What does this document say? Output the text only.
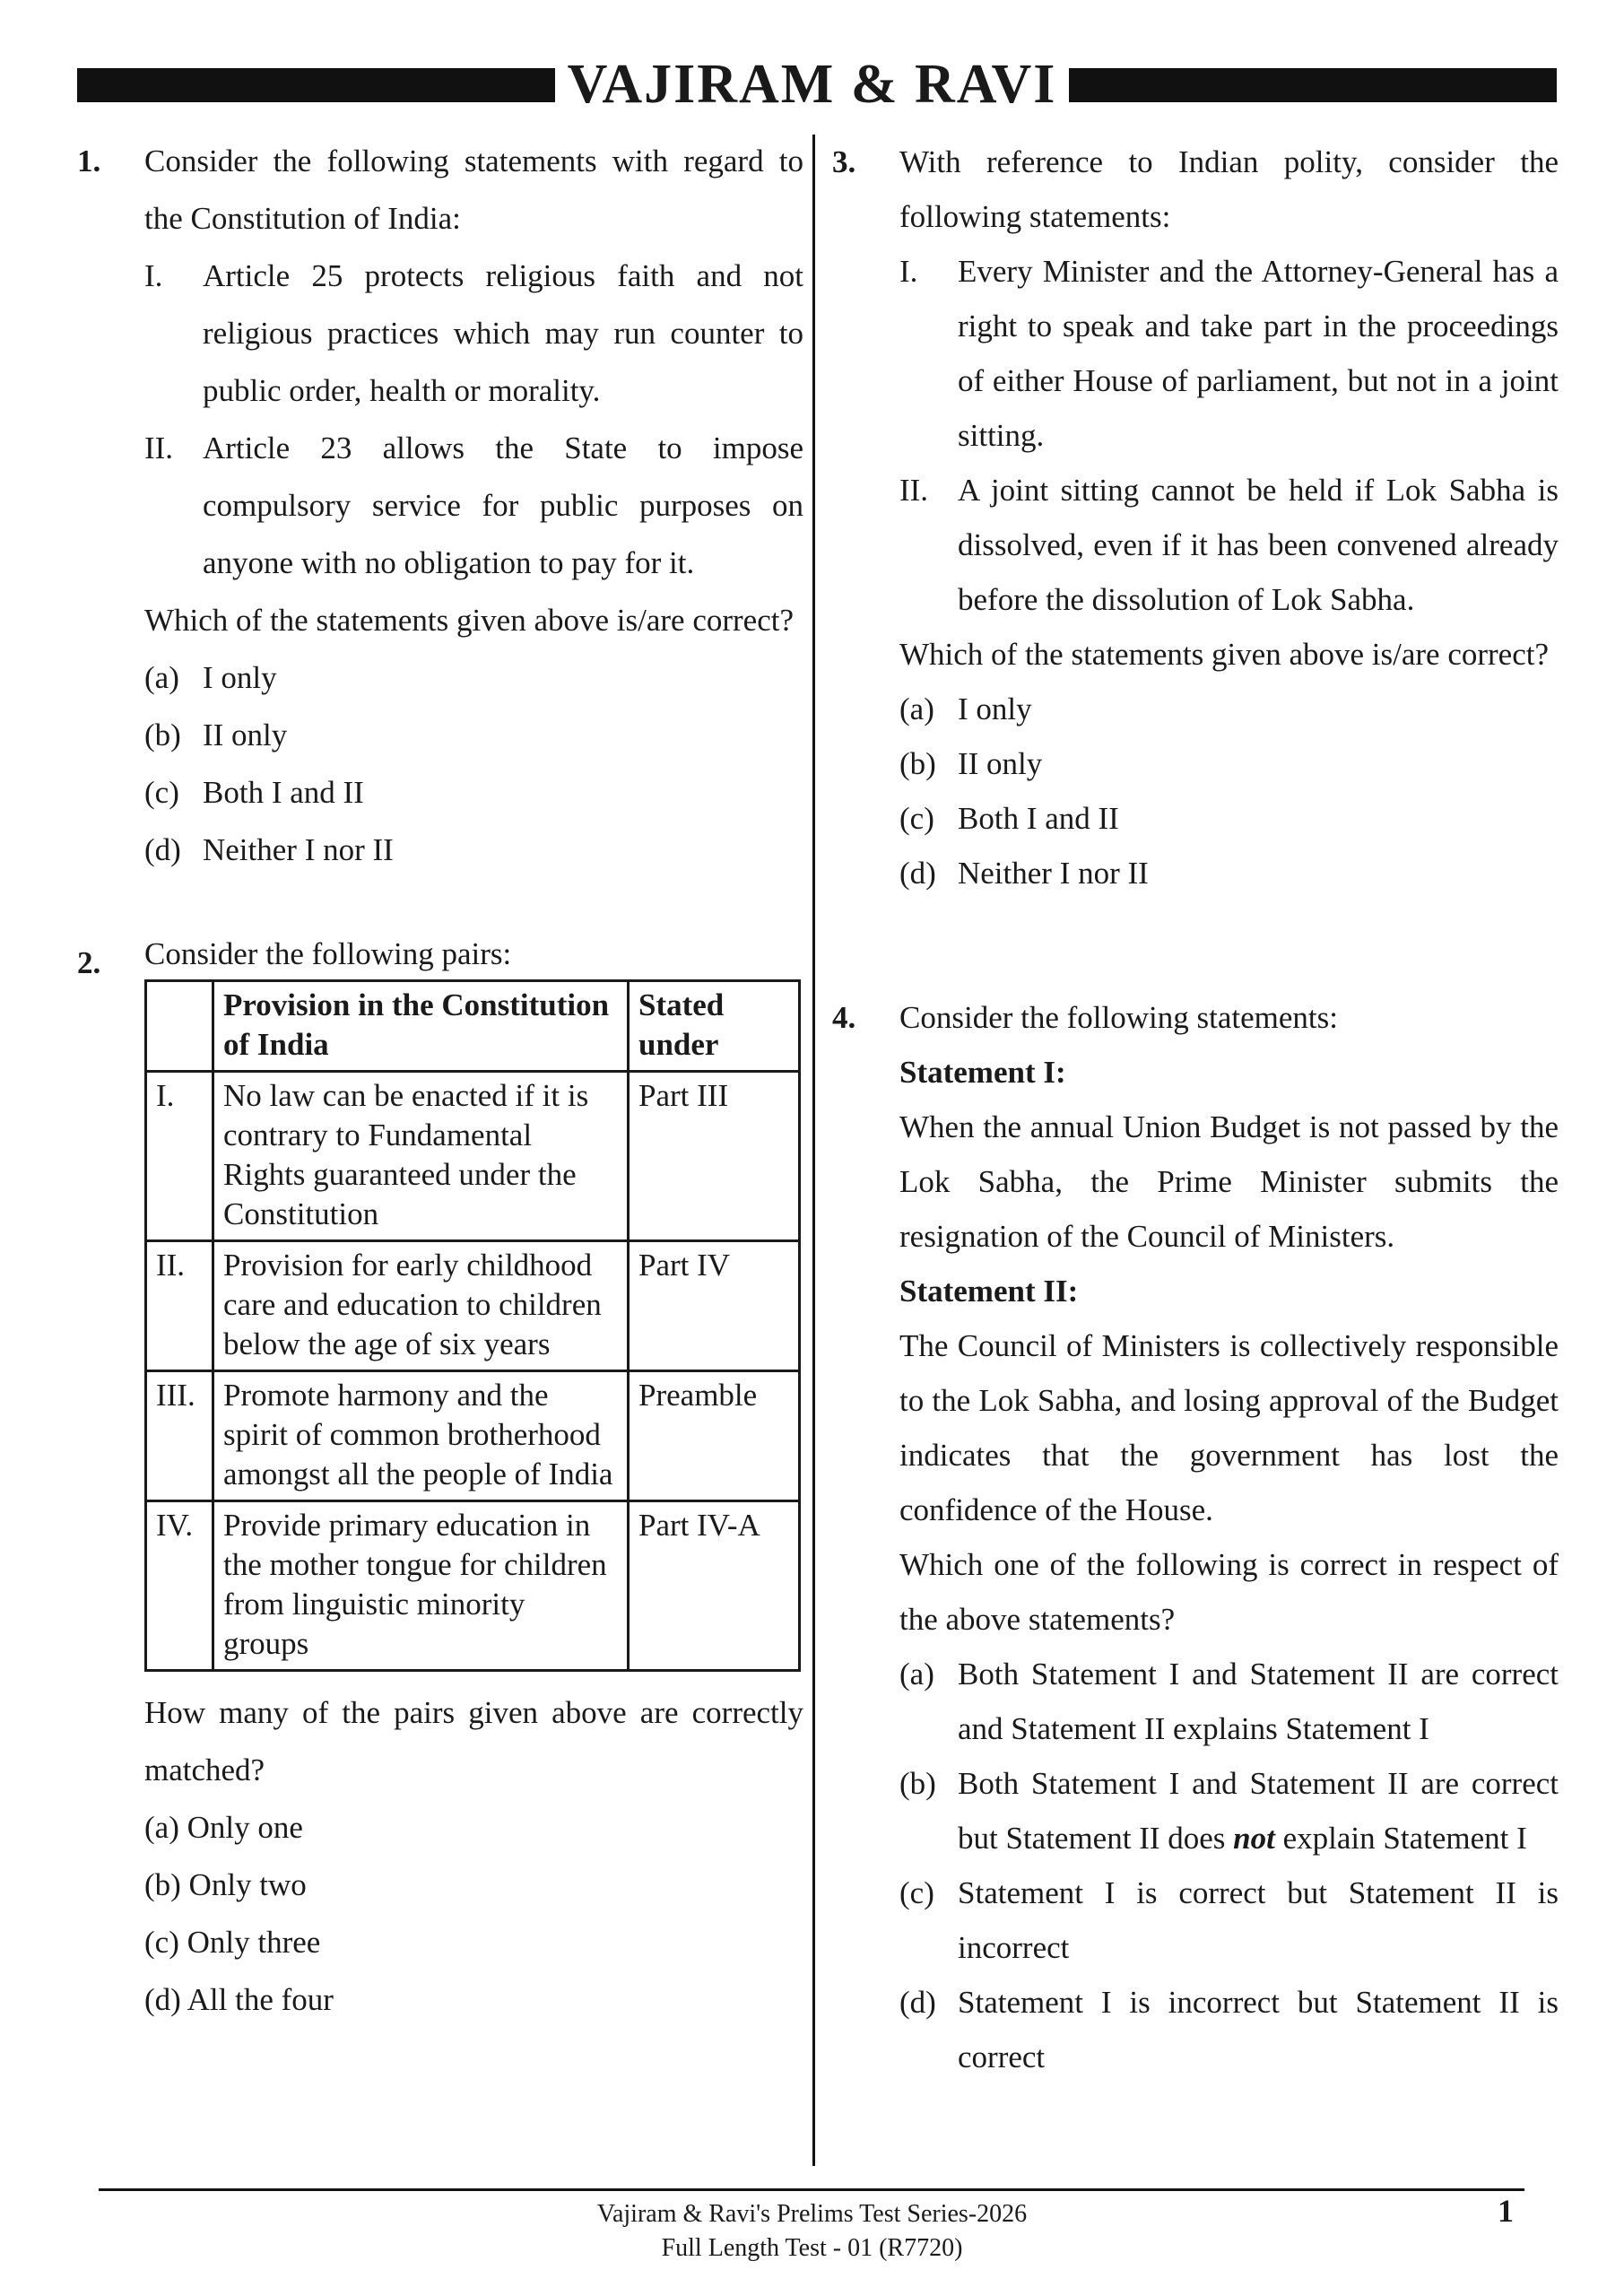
VAJIRAM & RAVI
1. Consider the following statements with regard to the Constitution of India:
I. Article 25 protects religious faith and not religious practices which may run counter to public order, health or morality.
II. Article 23 allows the State to impose compulsory service for public purposes on anyone with no obligation to pay for it.
Which of the statements given above is/are correct?
(a) I only
(b) II only
(c) Both I and II
(d) Neither I nor II
2. Consider the following pairs:
	Provision in the Constitution of India	Stated under
I.	No law can be enacted if it is contrary to Fundamental Rights guaranteed under the Constitution	Part III
II.	Provision for early childhood care and education to children below the age of six years	Part IV
III.	Promote harmony and the spirit of common brotherhood amongst all the people of India	Preamble
IV.	Provide primary education in the mother tongue for children from linguistic minority groups	Part IV-A
How many of the pairs given above are correctly matched?
(a) Only one
(b) Only two
(c) Only three
(d) All the four
3. With reference to Indian polity, consider the following statements:
I. Every Minister and the Attorney-General has a right to speak and take part in the proceedings of either House of parliament, but not in a joint sitting.
II. A joint sitting cannot be held if Lok Sabha is dissolved, even if it has been convened already before the dissolution of Lok Sabha.
Which of the statements given above is/are correct?
(a) I only
(b) II only
(c) Both I and II
(d) Neither I nor II
4. Consider the following statements:
Statement I:
When the annual Union Budget is not passed by the Lok Sabha, the Prime Minister submits the resignation of the Council of Ministers.
Statement II:
The Council of Ministers is collectively responsible to the Lok Sabha, and losing approval of the Budget indicates that the government has lost the confidence of the House.
Which one of the following is correct in respect of the above statements?
(a) Both Statement I and Statement II are correct and Statement II explains Statement I
(b) Both Statement I and Statement II are correct but Statement II does not explain Statement I
(c) Statement I is correct but Statement II is incorrect
(d) Statement I is incorrect but Statement II is correct
Vajiram & Ravi's Prelims Test Series-2026
Full Length Test - 01 (R7720)
1
